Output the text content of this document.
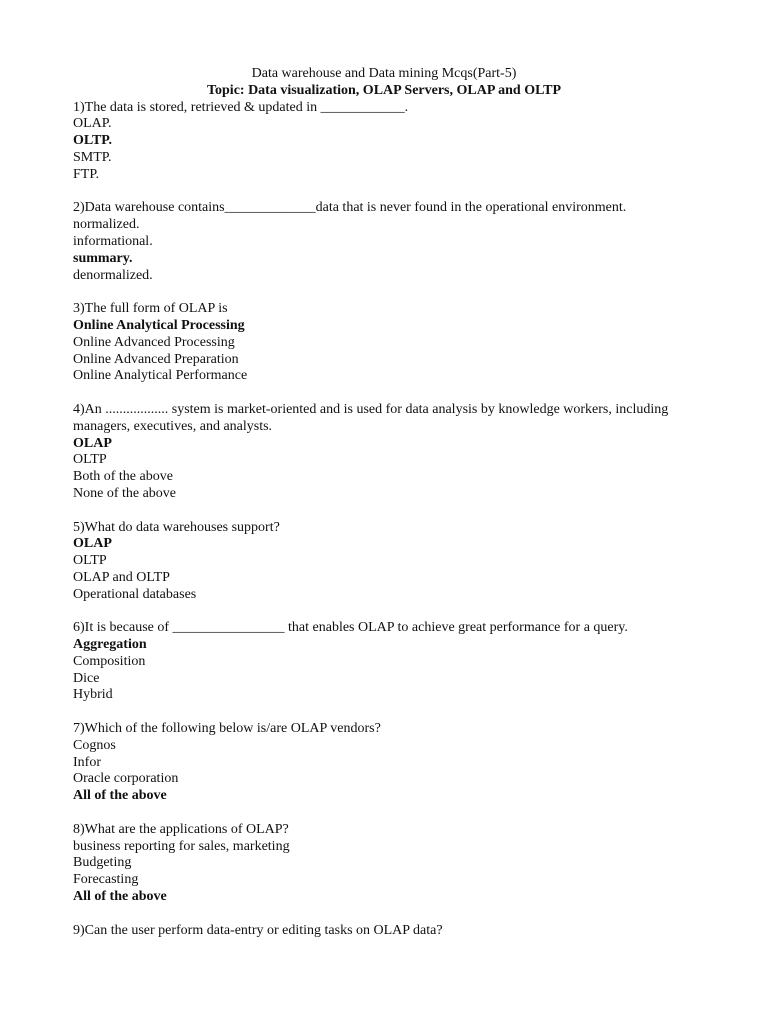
Data warehouse and Data mining Mcqs(Part-5)
Topic: Data visualization, OLAP Servers, OLAP and OLTP
1)The data is stored, retrieved & updated in ____________.
OLAP.
OLTP.
SMTP.
FTP.
2)Data warehouse contains_____________data that is never found in the operational environment.
normalized.
informational.
summary.
denormalized.
3)The full form of OLAP is
Online Analytical Processing
Online Advanced Processing
Online Advanced Preparation
Online Analytical Performance
4)An .................. system is market-oriented and is used for data analysis by knowledge workers, including managers, executives, and analysts.
OLAP
OLTP
Both of the above
None of the above
5)What do data warehouses support?
OLAP
OLTP
OLAP and OLTP
Operational databases
6)It is because of ________________ that enables OLAP to achieve great performance for a query.
Aggregation
Composition
Dice
Hybrid
7)Which of the following below is/are OLAP vendors?
Cognos
Infor
Oracle corporation
All of the above
8)What are the applications of OLAP?
business reporting for sales, marketing
Budgeting
Forecasting
All of the above
9)Can the user perform data-entry or editing tasks on OLAP data?
